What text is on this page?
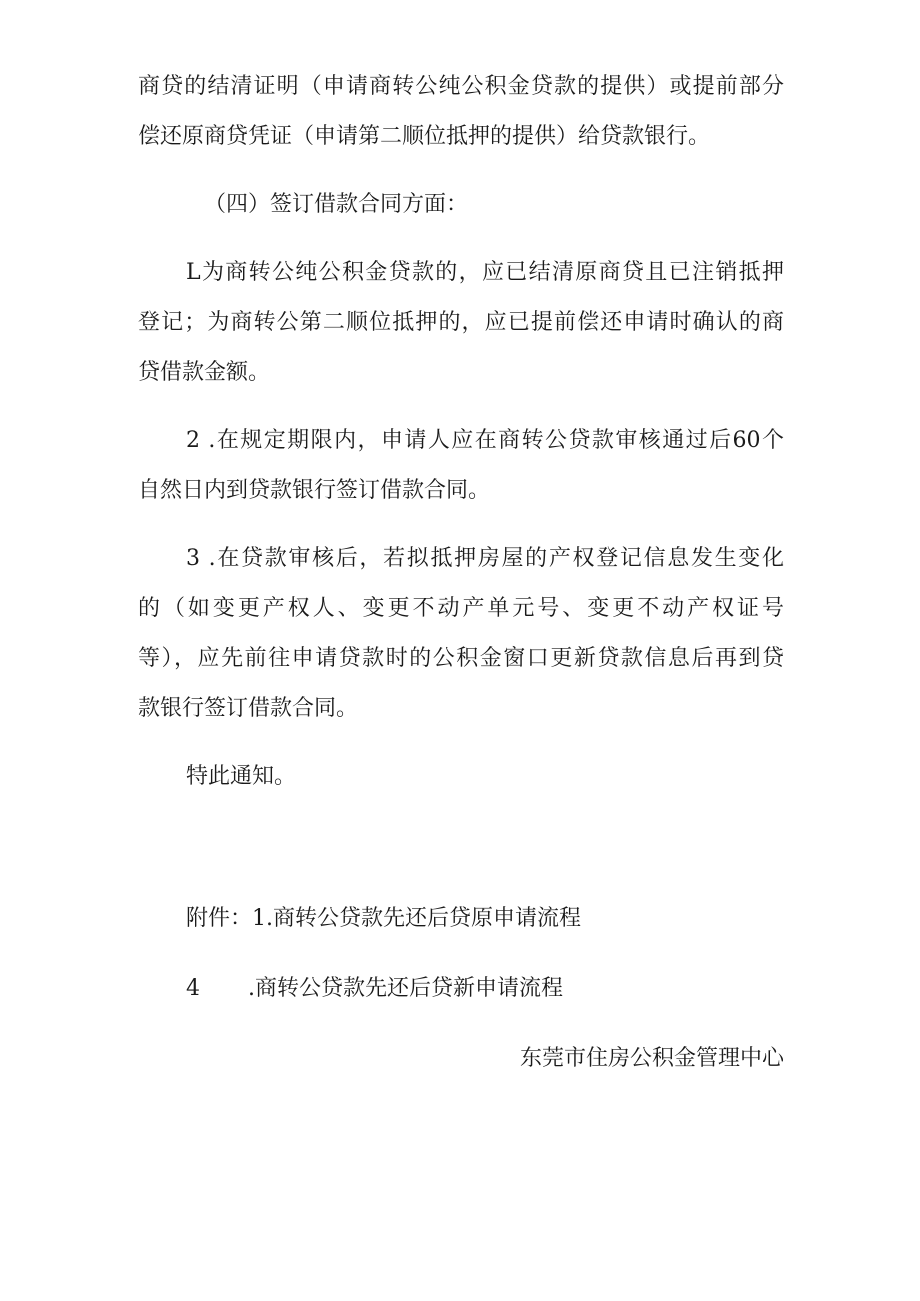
商贷的结清证明（申请商转公纯公积金贷款的提供）或提前部分
偿还原商贷凭证（申请第二顺位抵押的提供）给贷款银行。
（四）签订借款合同方面：
L为商转公纯公积金贷款的，应已结清原商贷且已注销抵押
登记；为商转公第二顺位抵押的，应已提前偿还申请时确认的商
贷借款金额。
2 .在规定期限内，申请人应在商转公贷款审核通过后60个
自然日内到贷款银行签订借款合同。
3 .在贷款审核后，若拟抵押房屋的产权登记信息发生变化
的（如变更产权人、变更不动产单元号、变更不动产权证号
等），应先前往申请贷款时的公积金窗口更新贷款信息后再到贷
款银行签订借款合同。
特此通知。
附件：1.商转公贷款先还后贷原申请流程
4 .商转公贷款先还后贷新申请流程
东莞市住房公积金管理中心
